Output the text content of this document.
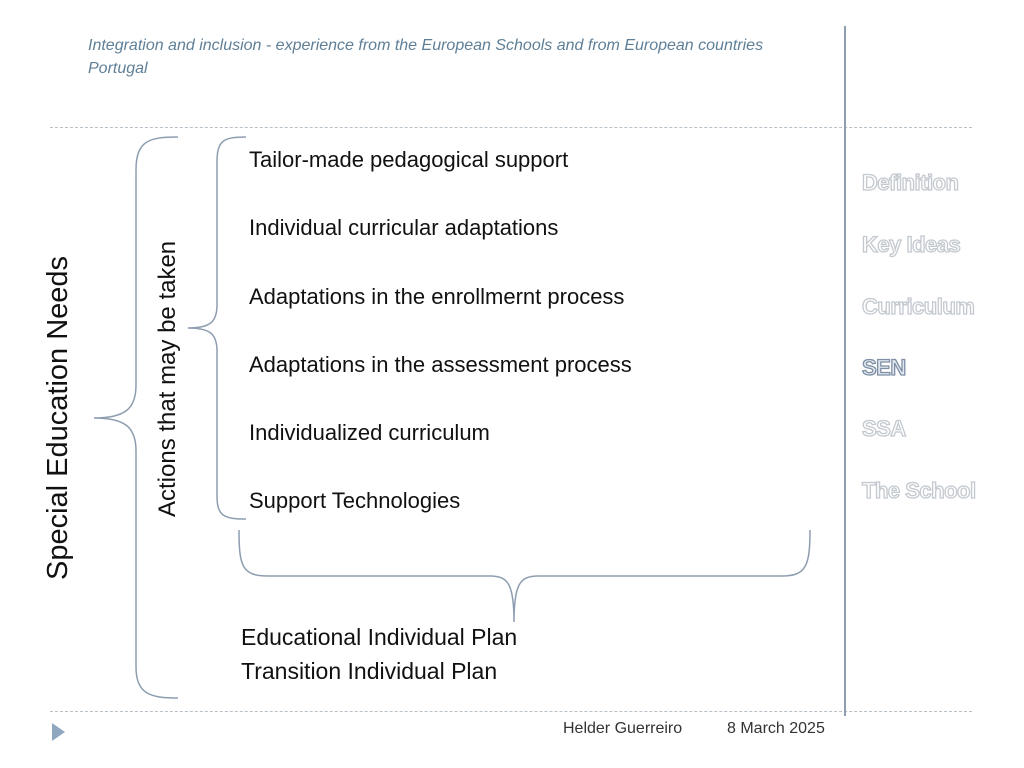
Integration and inclusion - experience from the European Schools and from European countries
Portugal
Special Education Needs	Actions that may be taken
Tailor-made pedagogical support
Individual curricular adaptations
Adaptations in the enrollmernt process
Adaptations in the assessment process
Individualized curriculum
Support Technologies
Educational Individual Plan
Transition Individual Plan
Definition
Key Ideas
Curriculum
SEN
SSA
The School
Helder Guerreiro	8 March 2025
